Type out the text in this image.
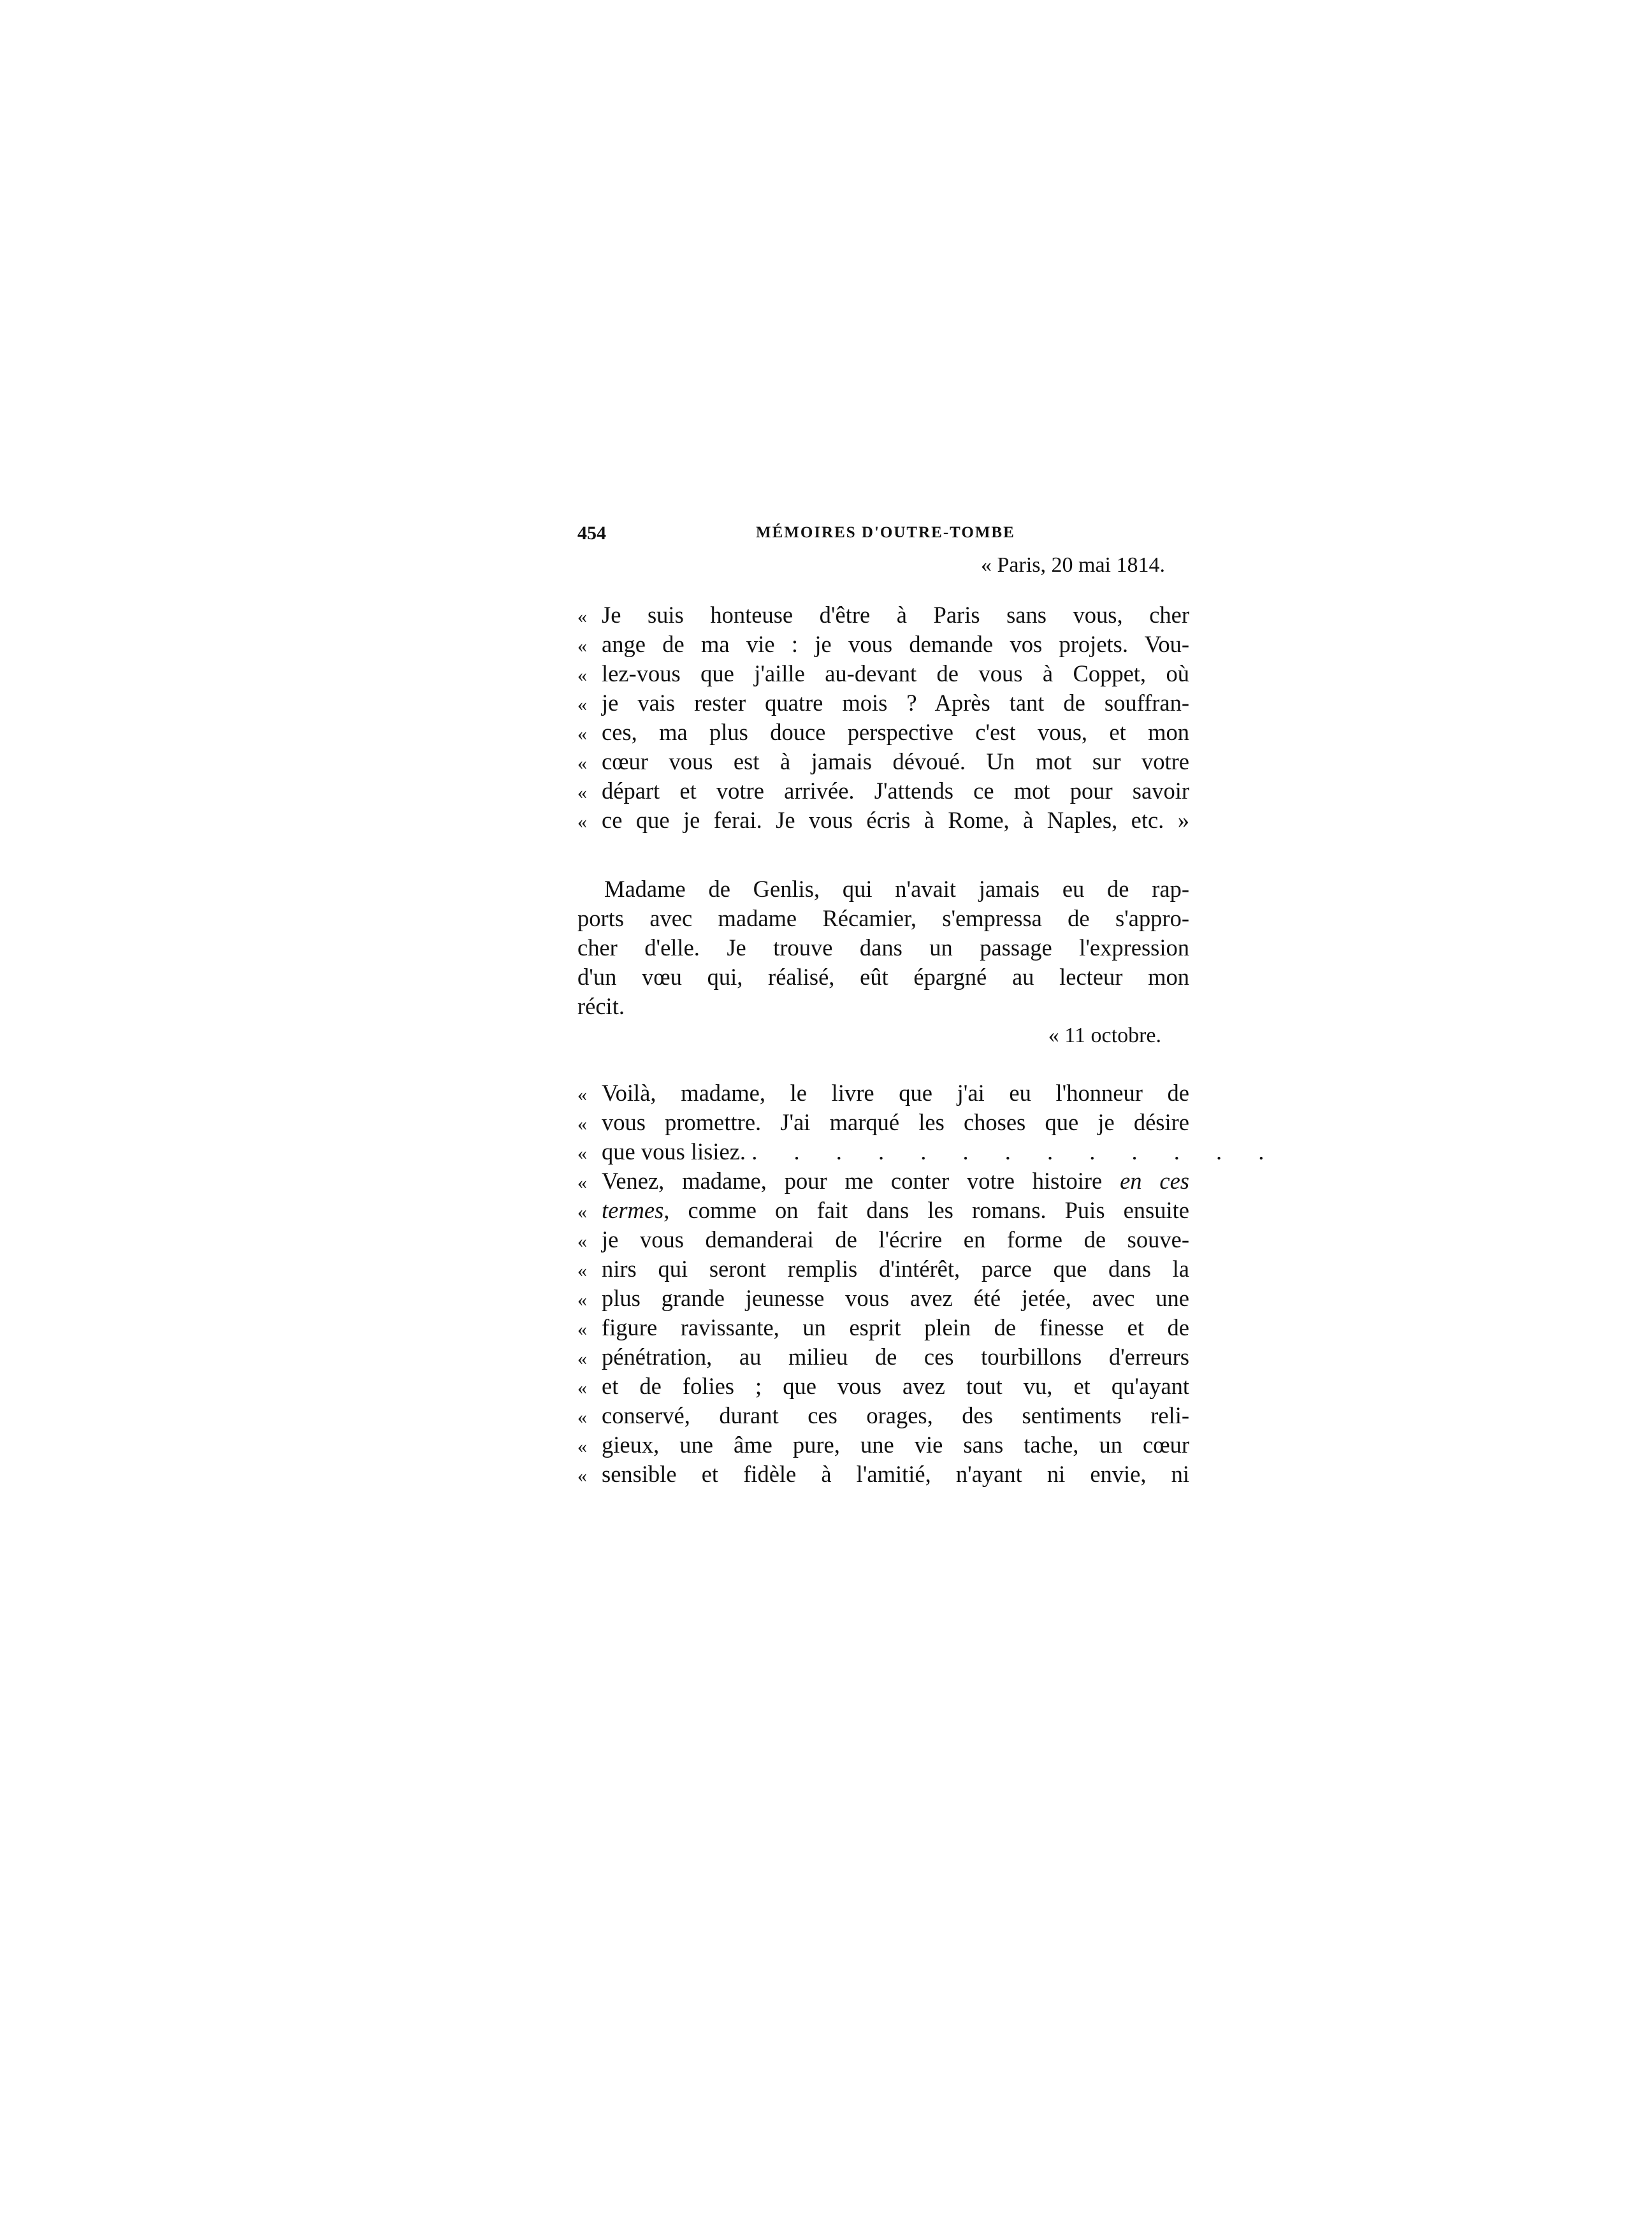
454	MÉMOIRES D'OUTRE-TOMBE
« Paris, 20 mai 1814.
« Je suis honteuse d'être à Paris sans vous, cher
« ange de ma vie : je vous demande vos projets. Vou-
« lez-vous que j'aille au-devant de vous à Coppet, où
« je vais rester quatre mois ? Après tant de souffran-
« ces, ma plus douce perspective c'est vous, et mon
« cœur vous est à jamais dévoué. Un mot sur votre
« départ et votre arrivée. J'attends ce mot pour savoir
« ce que je ferai. Je vous écris à Rome, à Naples, etc. »
Madame de Genlis, qui n'avait jamais eu de rap-
ports avec madame Récamier, s'empressa de s'appro-
cher d'elle. Je trouve dans un passage l'expression
d'un vœu qui, réalisé, eût épargné au lecteur mon
récit.
« 11 octobre.
« Voilà, madame, le livre que j'ai eu l'honneur de
« vous promettre. J'ai marqué les choses que je désire
« que vous lisiez. . . . . . . . . . . . . .
« Venez, madame, pour me conter votre histoire en ces
« termes, comme on fait dans les romans. Puis ensuite
« je vous demanderai de l'écrire en forme de souve-
« nirs qui seront remplis d'intérêt, parce que dans la
« plus grande jeunesse vous avez été jetée, avec une
« figure ravissante, un esprit plein de finesse et de
« pénétration, au milieu de ces tourbillons d'erreurs
« et de folies ; que vous avez tout vu, et qu'ayant
« conservé, durant ces orages, des sentiments reli-
« gieux, une âme pure, une vie sans tache, un cœur
« sensible et fidèle à l'amitié, n'ayant ni envie, ni
